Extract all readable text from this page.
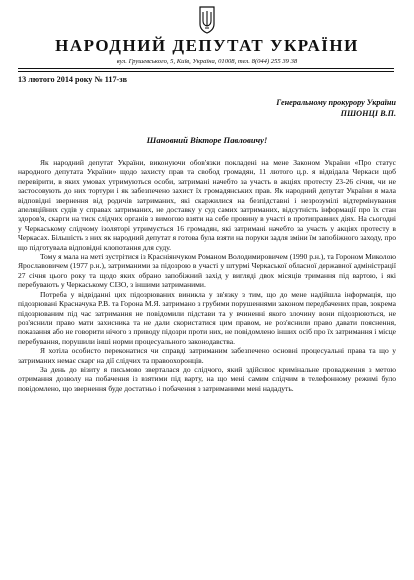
НАРОДНИЙ ДЕПУТАТ УКРАЇНИ
вул. Грушевського, 5, Київ, Україна, 01008, тел. 8(044) 255 39 38
13 лютого 2014 року № 117-зв
Генеральному прокурору України
ПШОНЦІ В.П.
Шановний Вікторе Павловичу!

Як народний депутат України, виконуючи обов'язки покладені на мене Законом України «Про статус народного депутата України» щодо захисту прав та свобод громадян, 11 лютого ц.р. я відвідала Черкаси щоб перевірити, в яких умовах утримуються особи, затримані начебто за участь в акціях протесту 23-26 січня, чи не застосовують до них тортури і як забезпечено захист їх громадянських прав. Як народний депутат України я мала відповідні звернення від родичів затриманих, які скаржилися на безпідставні і незрозумілі відтермінування апеляційних судів у справах затриманих, не доставку у суд самих затриманих, відсутність інформації про їх стан здоров'я, скарги на тиск слідчих органів з вимогою взяти на себе провину в участі в протиправних діях. На сьогодні у Черкаському слідчому ізоляторі утримується 16 громадян, які затримані начебто за участь у акціях протесту в Черкасах. Більшість з них як народний депутат я готова була взяти на поруки задля зміни їм запобіжного заходу, про що підготувала відповідні клопотання для суду.

Тому я мала на меті зустрітися із Красніянчуком Романом Володимировичем (1990 р.н.), та Гороном Миколою Ярославовичем (1977 р.н.), затриманими за підозрою в участі у штурмі Черкаської обласної державної адміністрації 27 січня цього року та щодо яких обрано запобіжний захід у вигляді двох місяців тримання під вартою, і які перебувають у Черкаському СІЗО, з іншими затриманими.

Потреба у відвіданні цих підозрюваних виникла у зв'язку з тим, що до мене надійшла інформація, що підозрювані Красначука Р.В. та Горона М.Я. затримано з грубими порушеннями законом передбачених прав, зокрема підозрюваним під час затримання не повідомили підстави та у вчиненні якого злочину вони підозрюються, не роз'яснили право мати захисника та не дали скористатися цим правом, не роз'яснили право давати пояснення, показання або не говорити нічого з приводу підозри проти них, не повідомлено інших осіб про їх затримання і місце перебування, порушили інші норми процесуального законодавства.

Я хотіла особисто переконатися чи справді затриманим забезпечено основні процесуальні права та що у затриманих немає скарг на дії слідчих та правоохоронців.

За день до візиту я письмово зверталася до слідчого, який здійснює кримінальне провадження з метою отримання дозволу на побачення із взятими під варту, на що мені самим слідчим в телефонному режимі було повідомлено, що звернення буде достатньо і побачення з затриманими мені нададуть.
